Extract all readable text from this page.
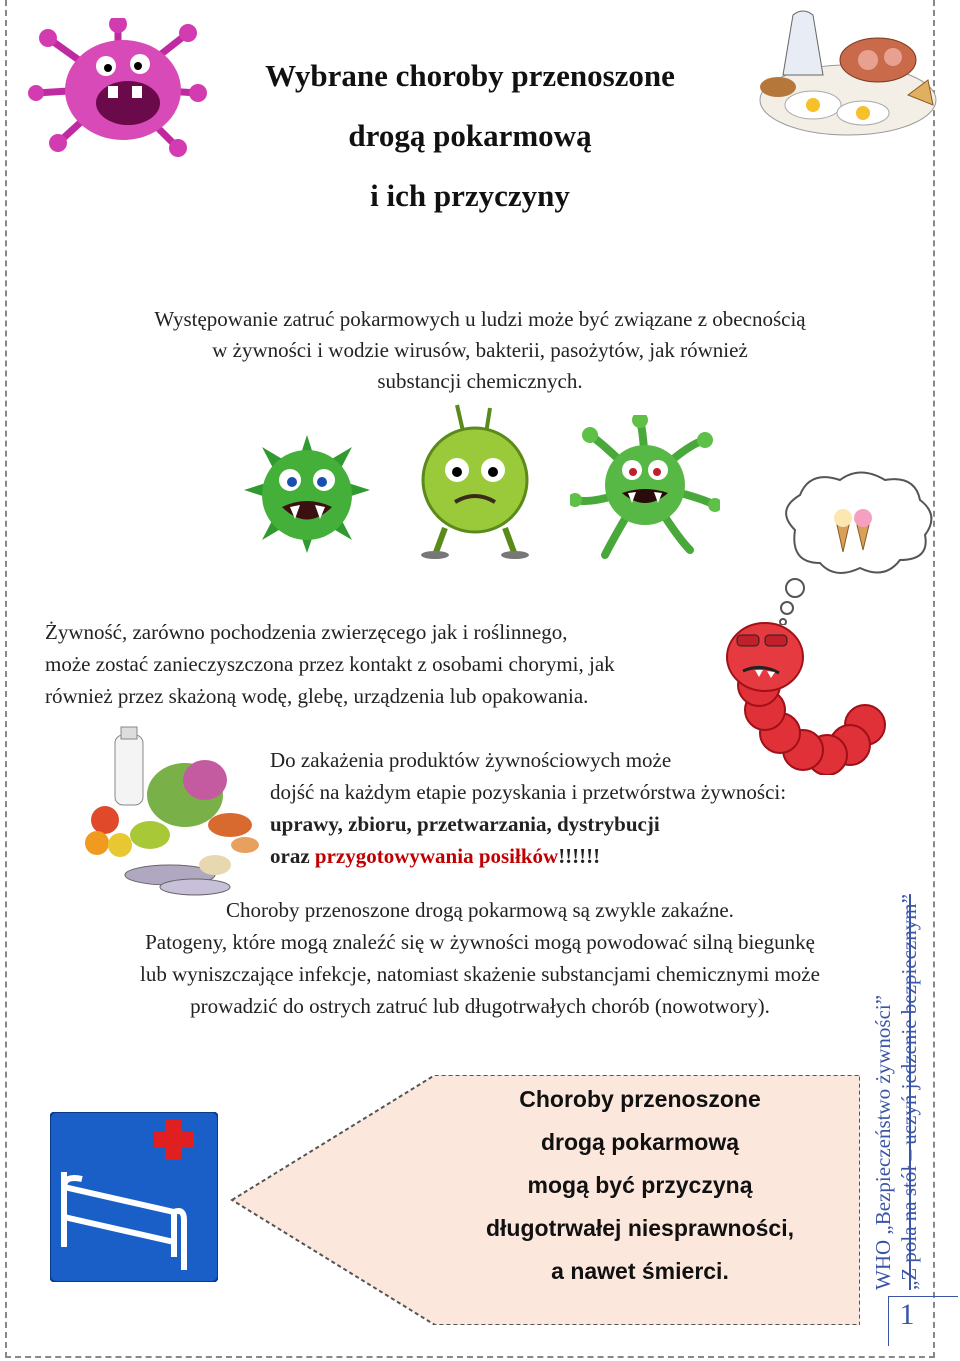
Wybrane choroby przenoszone
drogą pokarmową
i ich przyczyny
Występowanie zatruć pokarmowych u ludzi może być związane z obecnością
w żywności i wodzie wirusów, bakterii, pasożytów, jak również
substancji chemicznych.
Żywność, zarówno pochodzenia zwierzęcego jak i roślinnego,
może zostać zanieczyszczona przez kontakt z osobami chorymi, jak
również przez skażoną wodę, glebę, urządzenia lub opakowania.
Do zakażenia produktów żywnościowych może
dojść na każdym etapie pozyskania i przetwórstwa żywności:
uprawy, zbioru, przetwarzania, dystrybucji
oraz przygotowywania posiłków!!!!!!
Choroby przenoszone drogą pokarmową są zwykle zakaźne.
Patogeny, które mogą znaleźć się w żywności mogą powodować silną biegunkę
lub wyniszczające infekcje, natomiast skażenie substancjami chemicznymi może
prowadzić do ostrych zatruć lub długotrwałych chorób (nowotwory).
Choroby przenoszone
drogą pokarmową
mogą być przyczyną
długotrwałej niesprawności,
a nawet śmierci.	WHO „Bezpieczeństwo żywności” „Z pola na stół – uczyń jedzenie bezpiecznym”
1
